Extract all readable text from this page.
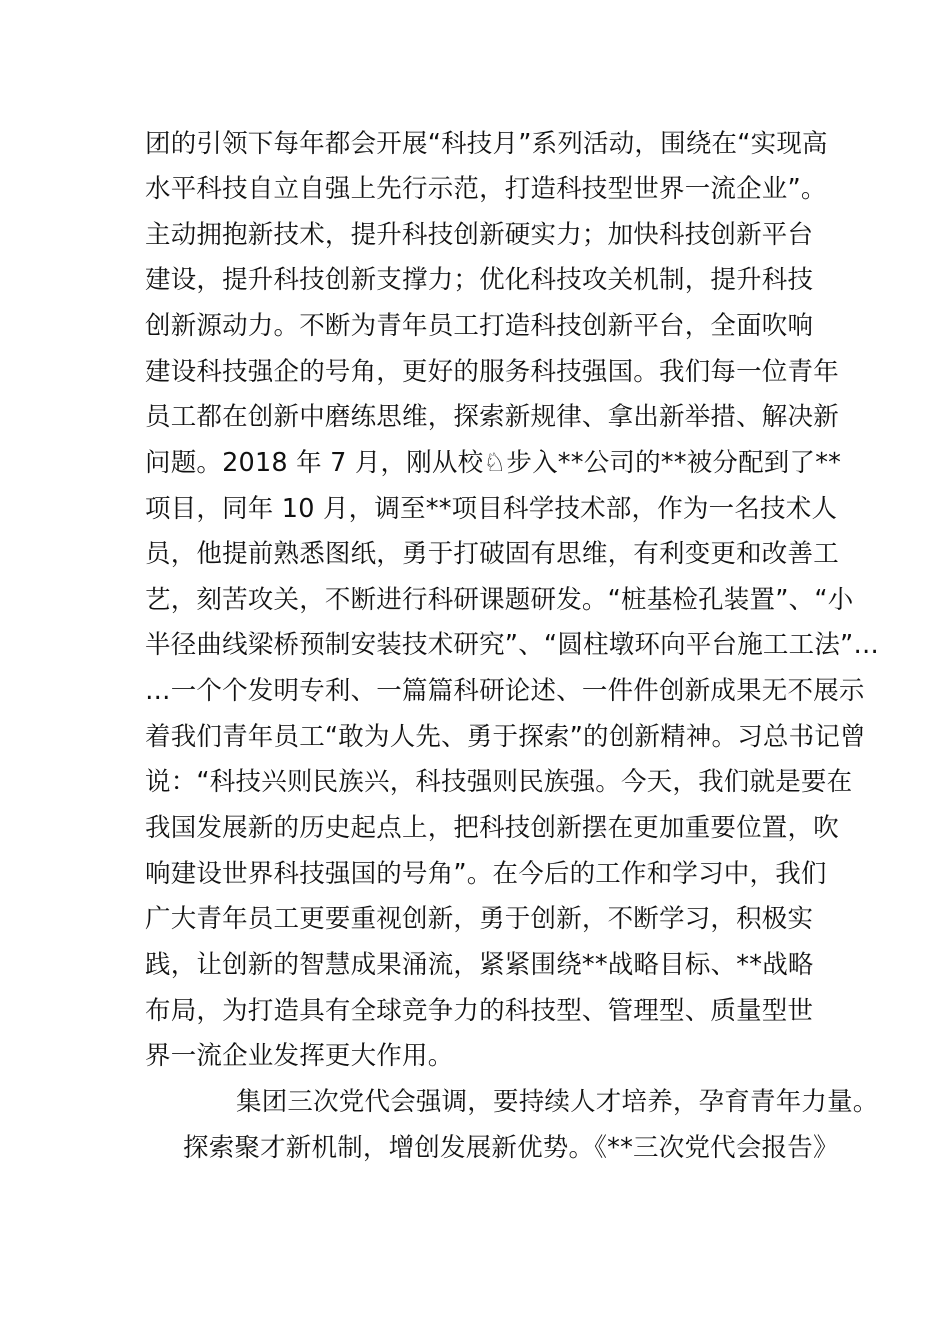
团的引领下每年都会开展“科技月”系列活动，围绕在“实现高
水平科技自立自强上先行示范，打造科技型世界一流企业”。
主动拥抱新技术，提升科技创新硬实力；加快科技创新平台
建设，提升科技创新支撑力；优化科技攻关机制，提升科技
创新源动力。不断为青年员工打造科技创新平台，全面吹响
建设科技强企的号角，更好的服务科技强国。我们每一位青年
员工都在创新中磨练思维，探索新规律、拿出新举措、解决新
问题。2018 年 7 月，刚从校♘步入**公司的**被分配到了**
项目，同年 10 月，调至**项目科学技术部，作为一名技术人
员，他提前熟悉图纸，勇于打破固有思维，有利变更和改善工
艺，刻苦攻关，不断进行科研课题研发。“桩基检孔装置”、“小
半径曲线梁桥预制安装技术研究”、“圆柱墩环向平台施工工法”…
…一个个发明专利、一篇篇科研论述、一件件创新成果无不展示
着我们青年员工“敢为人先、勇于探索”的创新精神。习总书记曾
说：“科技兴则民族兴，科技强则民族强。今天，我们就是要在
我国发展新的历史起点上，把科技创新摆在更加重要位置，吹
响建设世界科技强国的号角”。在今后的工作和学习中，我们
广大青年员工更要重视创新，勇于创新，不断学习，积极实
践，让创新的智慧成果涌流，紧紧围绕**战略目标、**战略
布局，为打造具有全球竞争力的科技型、管理型、质量型世
界一流企业发挥更大作用。
集团三次党代会强调，要持续人才培养，孕育青年力量。
探索聚才新机制，增创发展新优势。《**三次党代会报告》
